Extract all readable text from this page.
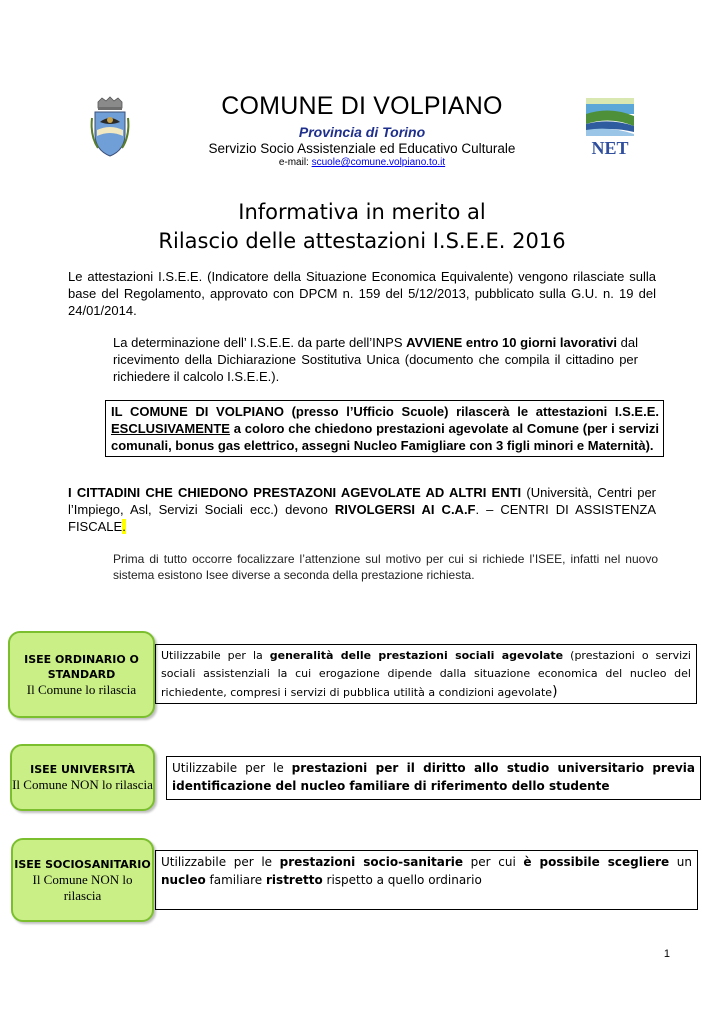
NET
COMUNE DI VOLPIANO
Provincia di Torino
Servizio Socio Assistenziale ed Educativo Culturale
e-mail: scuole@comune.volpiano.to.it
Informativa in merito al
Rilascio delle attestazioni I.S.E.E. 2016
Le attestazioni I.S.E.E. (Indicatore della Situazione Economica Equivalente) vengono rilasciate sulla base del Regolamento, approvato con DPCM n. 159 del 5/12/2013, pubblicato sulla G.U. n. 19 del 24/01/2014.
La determinazione dell’ I.S.E.E. da parte dell’INPS AVVIENE entro 10 giorni lavorativi dal ricevimento della Dichiarazione Sostitutiva Unica (documento che compila il cittadino per richiedere il calcolo I.S.E.E.).
IL COMUNE DI VOLPIANO (presso l’Ufficio Scuole) rilascerà le attestazioni I.S.E.E. ESCLUSIVAMENTE a coloro che chiedono prestazioni agevolate al Comune (per i servizi comunali, bonus gas elettrico, assegni Nucleo Famigliare con 3 figli minori e Maternità).
I CITTADINI CHE CHIEDONO PRESTAZONI AGEVOLATE AD ALTRI ENTI (Università, Centri per l’Impiego, Asl, Servizi Sociali ecc.) devono RIVOLGERSI AI C.A.F. – CENTRI DI ASSISTENZA FISCALE.
Prima di tutto occorre focalizzare l’attenzione sul motivo per cui si richiede l’ISEE, infatti nel nuovo sistema esistono Isee diverse a seconda della prestazione richiesta.
ISEE ORDINARIO O STANDARD
Il Comune lo rilascia
Utilizzabile per la generalità delle prestazioni sociali agevolate (prestazioni o servizi sociali assistenziali la cui erogazione dipende dalla situazione economica del nucleo del richiedente, compresi i servizi di pubblica utilità a condizioni agevolate)
ISEE UNIVERSITÀ
Il Comune NON lo rilascia
Utilizzabile per le prestazioni per il diritto allo studio universitario previa identificazione del nucleo familiare di riferimento dello studente
ISEE SOCIOSANITARIO
Il Comune NON lo rilascia
Utilizzabile per le prestazioni socio-sanitarie per cui è possibile scegliere un nucleo familiare ristretto rispetto a quello ordinario
1
